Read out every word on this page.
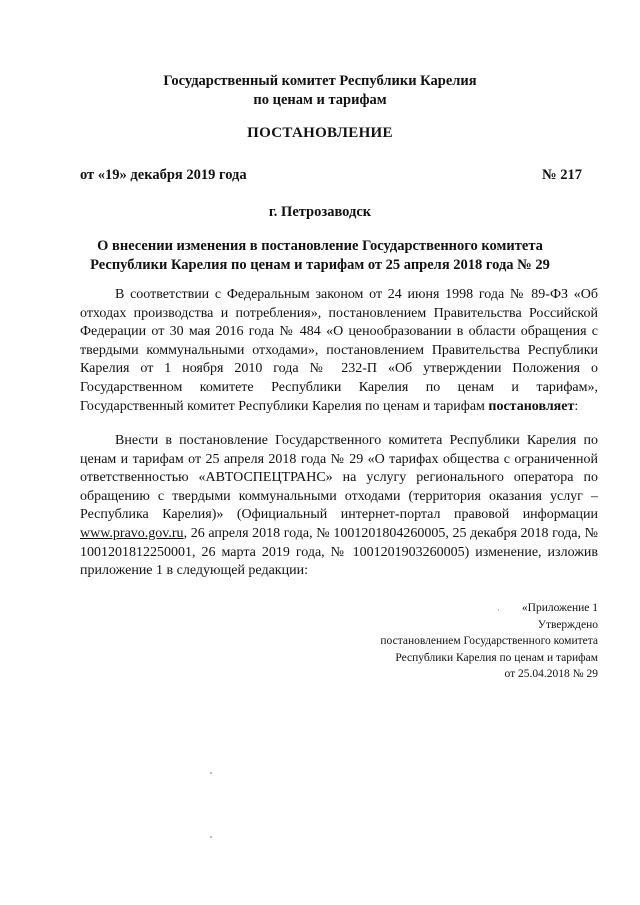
Государственный комитет Республики Карелия
по ценам и тарифам
ПОСТАНОВЛЕНИЕ
от «19» декабря 2019 года	№ 217
г. Петрозаводск
О внесении изменения в постановление Государственного комитета
Республики Карелия по ценам и тарифам от 25 апреля 2018 года № 29

В соответствии с Федеральным законом от 24 июня 1998 года № 89-ФЗ «Об отходах производства и потребления», постановлением Правительства Российской Федерации от 30 мая 2016 года № 484 «О ценообразовании в области обращения с твердыми коммунальными отходами», постановлением Правительства Республики Карелия от 1 ноября 2010 года № 232-П «Об утверждении Положения о Государственном комитете Республики Карелия по ценам и тарифам», Государственный комитет Республики Карелия по ценам и тарифам постановляет:

Внести в постановление Государственного комитета Республики Карелия по ценам и тарифам от 25 апреля 2018 года № 29 «О тарифах общества с ограниченной ответственностью «АВТОСПЕЦТРАНС» на услугу регионального оператора по обращению с твердыми коммунальными отходами (территория оказания услуг – Республика Карелия)» (Официальный интернет-портал правовой информации www.pravo.gov.ru, 26 апреля 2018 года, № 1001201804260005, 25 декабря 2018 года, № 1001201812250001, 26 марта 2019 года, № 1001201903260005) изменение, изложив приложение 1 в следующей редакции:

·	«Приложение 1
Утверждено
постановлением Государственного комитета
Республики Карелия по ценам и тарифам
от 25.04.2018 № 29
